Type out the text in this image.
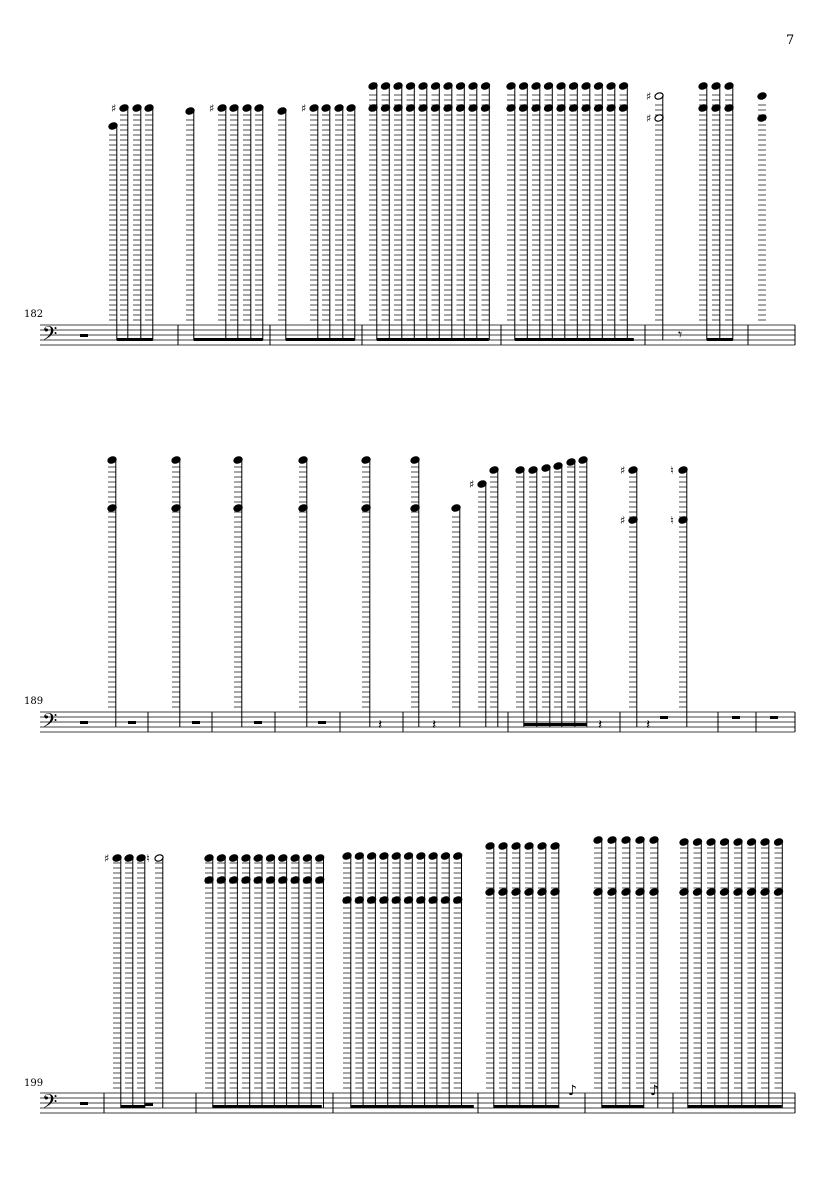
7
182
189
199
𝄢
♯	♯	♯
♯
♯
♮
♮
♯
♯
𝄾
𝄢	𝄽	𝄽
♯
𝄽
♯
♯
♮
♮
𝄽
𝄢
♯	♮
♪	♪
